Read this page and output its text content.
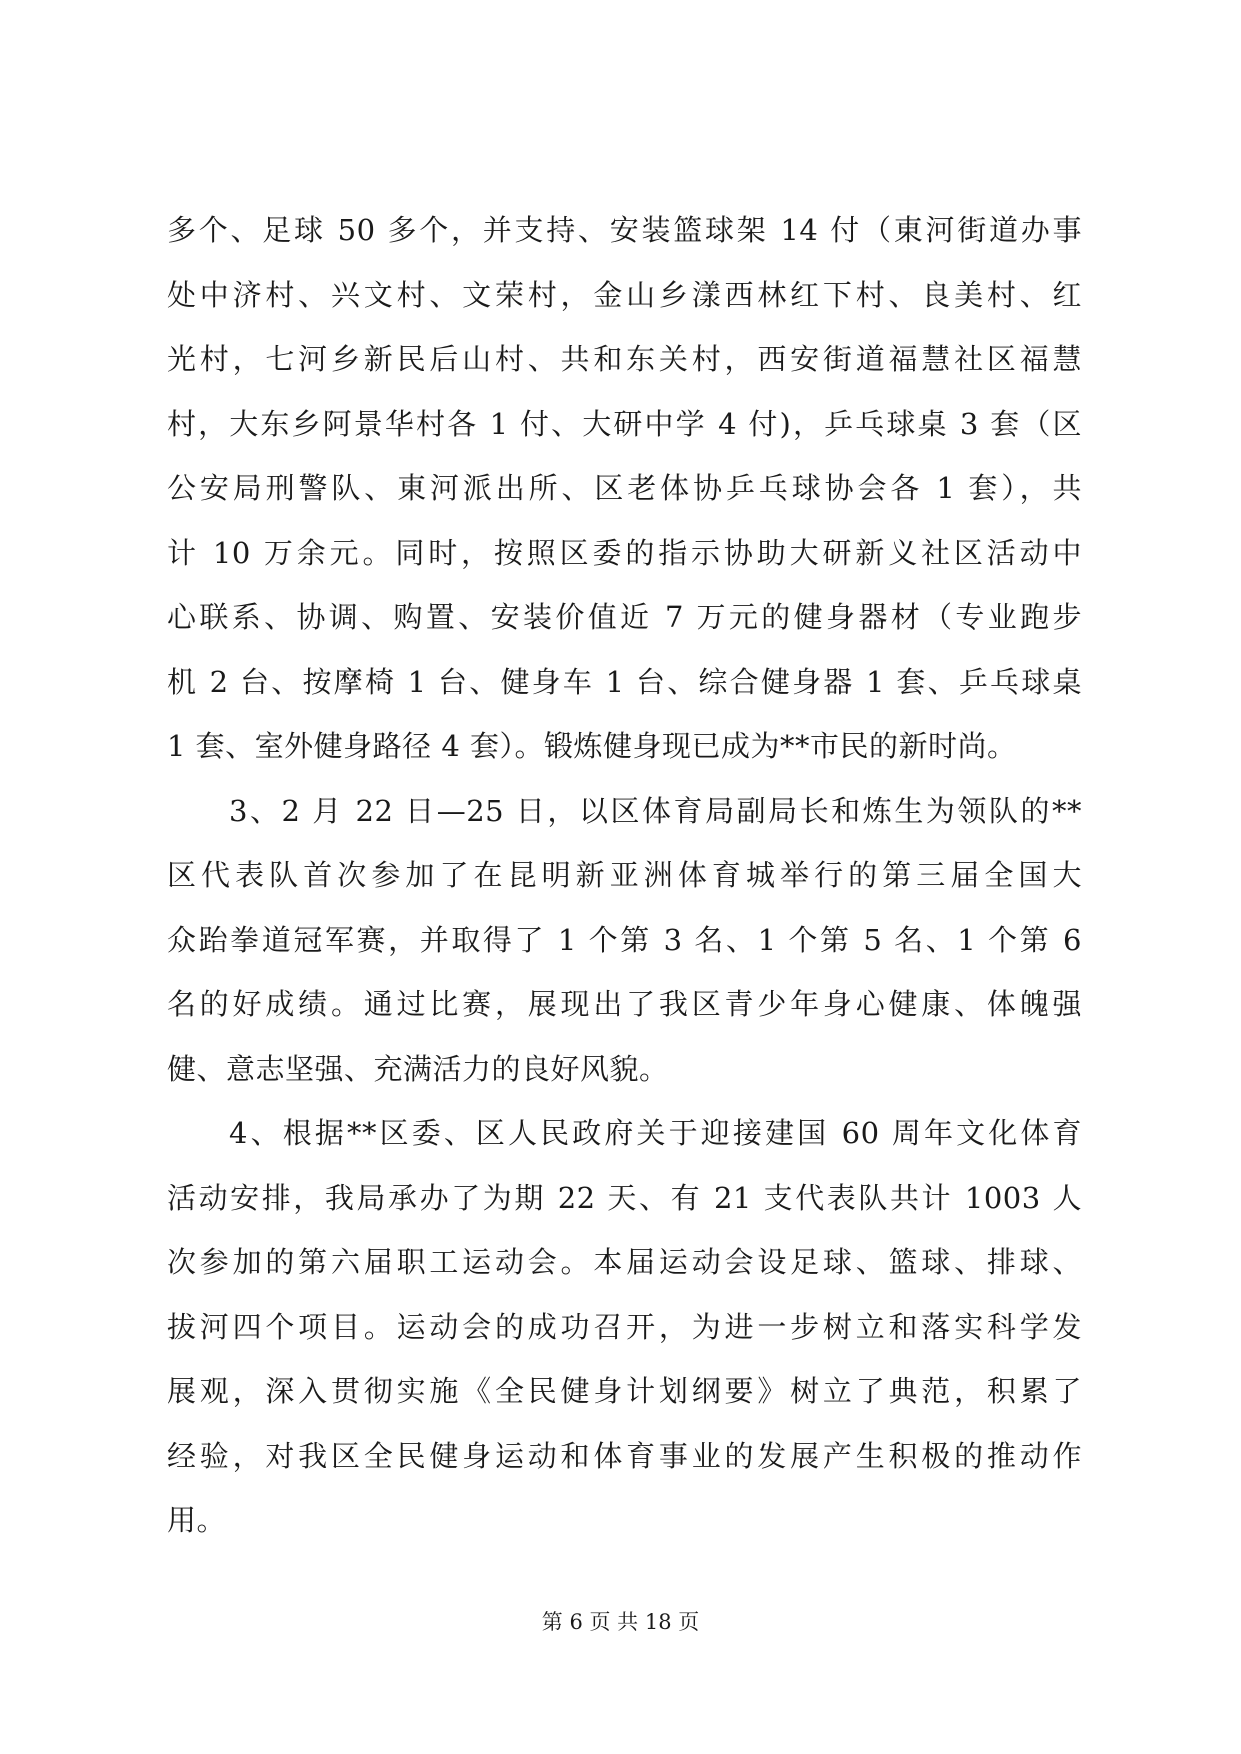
多个、足球 50 多个，并支持、安装篮球架 14 付（東河街道办事
处中济村、兴文村、文荣村，金山乡漾西林红下村、良美村、红
光村，七河乡新民后山村、共和东关村，西安街道福慧社区福慧
村，大东乡阿景华村各 1 付、大研中学 4 付)，乒乓球桌 3 套（区
公安局刑警队、東河派出所、区老体协乒乓球协会各 1 套），共
计 10 万余元。同时，按照区委的指示协助大研新义社区活动中
心联系、协调、购置、安装价值近 7 万元的健身器材（专业跑步
机 2 台、按摩椅 1 台、健身车 1 台、综合健身器 1 套、乒乓球桌
1 套、室外健身路径 4 套）。锻炼健身现已成为**市民的新时尚。
3、2 月 22 日—25 日，以区体育局副局长和炼生为领队的**
区代表队首次参加了在昆明新亚洲体育城举行的第三届全国大
众跆拳道冠军赛，并取得了 1 个第 3 名、1 个第 5 名、1 个第 6
名的好成绩。通过比赛，展现出了我区青少年身心健康、体魄强
健、意志坚强、充满活力的良好风貌。
4、根据**区委、区人民政府关于迎接建国 60 周年文化体育
活动安排，我局承办了为期 22 天、有 21 支代表队共计 1003 人
次参加的第六届职工运动会。本届运动会设足球、篮球、排球、
拔河四个项目。运动会的成功召开，为进一步树立和落实科学发
展观，深入贯彻实施《全民健身计划纲要》树立了典范，积累了
经验，对我区全民健身运动和体育事业的发展产生积极的推动作
用。
第 6 页 共 18 页
